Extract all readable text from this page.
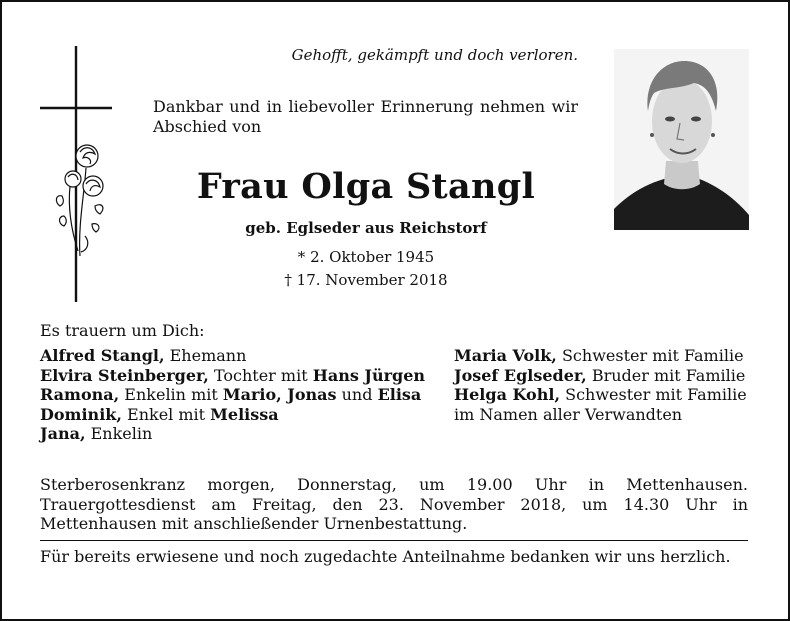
Gehofft, gekämpft und doch verloren.
Dankbar und in liebevoller Erinnerung nehmen wir Abschied von
Frau Olga Stangl
geb. Eglseder aus Reichstorf
* 2. Oktober 1945
† 17. November 2018
Es trauern um Dich:
Alfred Stangl, Ehemann
Elvira Steinberger, Tochter mit Hans Jürgen
Ramona, Enkelin mit Mario, Jonas und Elisa
Dominik, Enkel mit Melissa
Jana, Enkelin
Maria Volk, Schwester mit Familie
Josef Eglseder, Bruder mit Familie
Helga Kohl, Schwester mit Familie
im Namen aller Verwandten
Sterberosenkranz morgen, Donnerstag, um 19.00 Uhr in Mettenhausen. Trauergottesdienst am Freitag, den 23. November 2018, um 14.30 Uhr in Mettenhausen mit anschließender Urnenbestattung.
Für bereits erwiesene und noch zugedachte Anteilnahme bedanken wir uns herzlich.
